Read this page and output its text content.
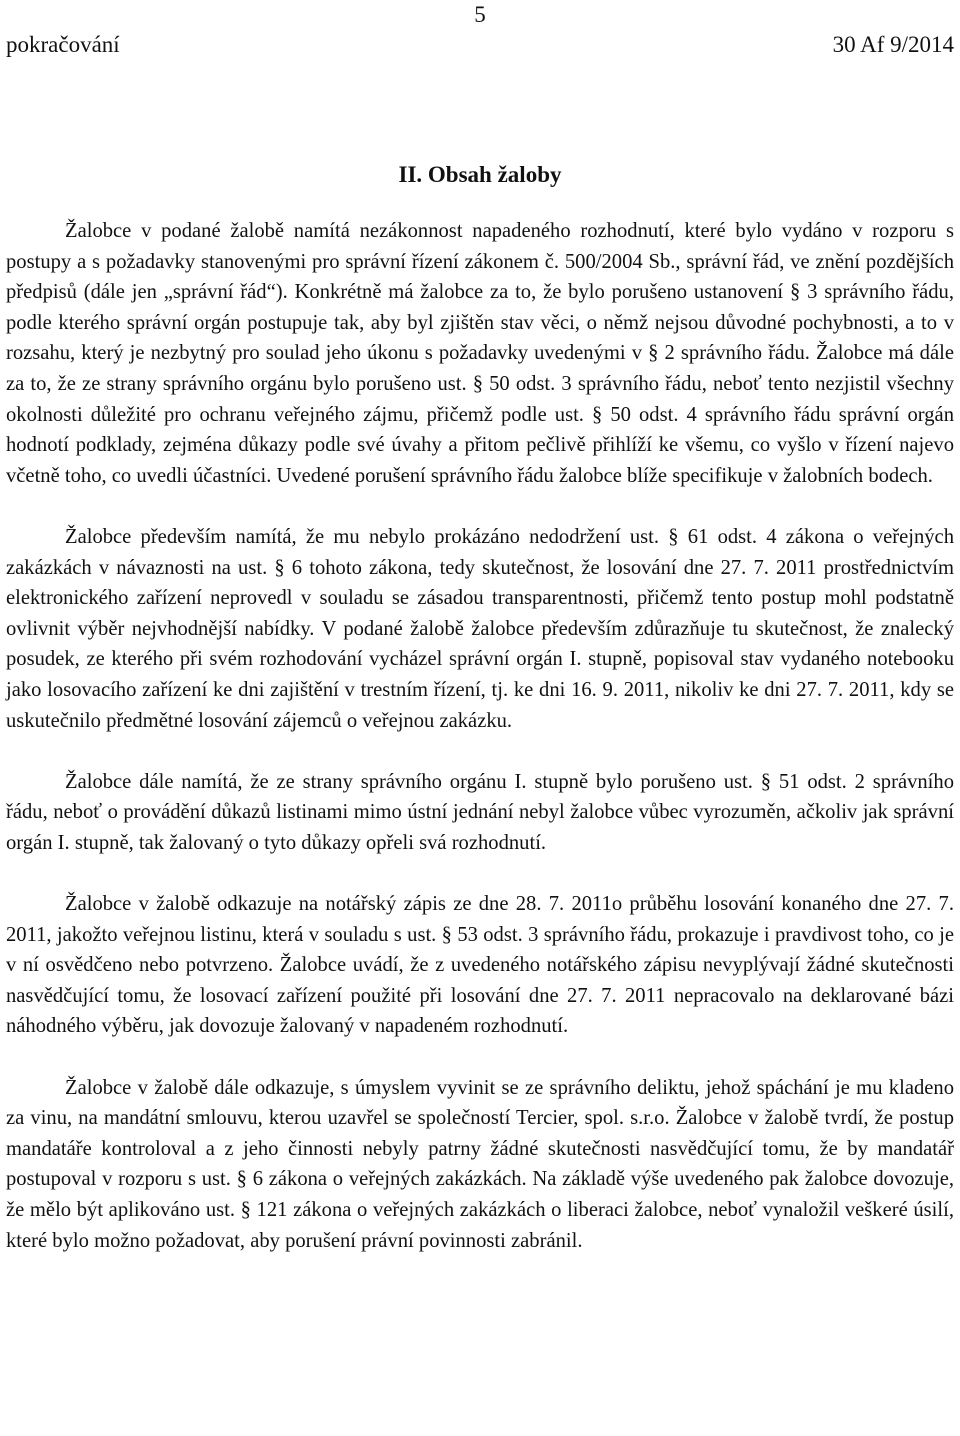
5
pokračování	30 Af 9/2014
II. Obsah žaloby

Žalobce v podané žalobě namítá nezákonnost napadeného rozhodnutí, které bylo vydáno v rozporu s postupy a s požadavky stanovenými pro správní řízení zákonem č. 500/2004 Sb., správní řád, ve znění pozdějších předpisů (dále jen „správní řád“). Konkrétně má žalobce za to, že bylo porušeno ustanovení § 3 správního řádu, podle kterého správní orgán postupuje tak, aby byl zjištěn stav věci, o němž nejsou důvodné pochybnosti, a to v rozsahu, který je nezbytný pro soulad jeho úkonu s požadavky uvedenými v § 2 správního řádu. Žalobce má dále za to, že ze strany správního orgánu bylo porušeno ust. § 50 odst. 3 správního řádu, neboť tento nezjistil všechny okolnosti důležité pro ochranu veřejného zájmu, přičemž podle ust. § 50 odst. 4 správního řádu správní orgán hodnotí podklady, zejména důkazy podle své úvahy a přitom pečlivě přihlíží ke všemu, co vyšlo v řízení najevo včetně toho, co uvedli účastníci. Uvedené porušení správního řádu žalobce blíže specifikuje v žalobních bodech.

Žalobce především namítá, že mu nebylo prokázáno nedodržení ust. § 61 odst. 4 zákona o veřejných zakázkách v návaznosti na ust. § 6 tohoto zákona, tedy skutečnost, že losování dne 27. 7. 2011 prostřednictvím elektronického zařízení neprovedl v souladu se zásadou transparentnosti, přičemž tento postup mohl podstatně ovlivnit výběr nejvhodnější nabídky. V podané žalobě žalobce především zdůrazňuje tu skutečnost, že znalecký posudek, ze kterého při svém rozhodování vycházel správní orgán I. stupně, popisoval stav vydaného notebooku jako losovacího zařízení ke dni zajištění v trestním řízení, tj. ke dni 16. 9. 2011, nikoliv ke dni 27. 7. 2011, kdy se uskutečnilo předmětné losování zájemců o veřejnou zakázku.

Žalobce dále namítá, že ze strany správního orgánu I. stupně bylo porušeno ust. § 51 odst. 2 správního řádu, neboť o provádění důkazů listinami mimo ústní jednání nebyl žalobce vůbec vyrozuměn, ačkoliv jak správní orgán I. stupně, tak žalovaný o tyto důkazy opřeli svá rozhodnutí.

Žalobce v žalobě odkazuje na notářský zápis ze dne 28. 7. 2011o průběhu losování konaného dne 27. 7. 2011, jakožto veřejnou listinu, která v souladu s ust. § 53 odst. 3 správního řádu, prokazuje i pravdivost toho, co je v ní osvědčeno nebo potvrzeno. Žalobce uvádí, že z uvedeného notářského zápisu nevyplývají žádné skutečnosti nasvědčující tomu, že losovací zařízení použité při losování dne 27. 7. 2011 nepracovalo na deklarované bázi náhodného výběru, jak dovozuje žalovaný v napadeném rozhodnutí.

Žalobce v žalobě dále odkazuje, s úmyslem vyvinit se ze správního deliktu, jehož spáchání je mu kladeno za vinu, na mandátní smlouvu, kterou uzavřel se společností Tercier, spol. s.r.o. Žalobce v žalobě tvrdí, že postup mandatáře kontroloval a z jeho činnosti nebyly patrny žádné skutečnosti nasvědčující tomu, že by mandatář postupoval v rozporu s ust. § 6 zákona o veřejných zakázkách. Na základě výše uvedeného pak žalobce dovozuje, že mělo být aplikováno ust. § 121 zákona o veřejných zakázkách o liberaci žalobce, neboť vynaložil veškeré úsilí, které bylo možno požadovat, aby porušení právní povinnosti zabránil.
